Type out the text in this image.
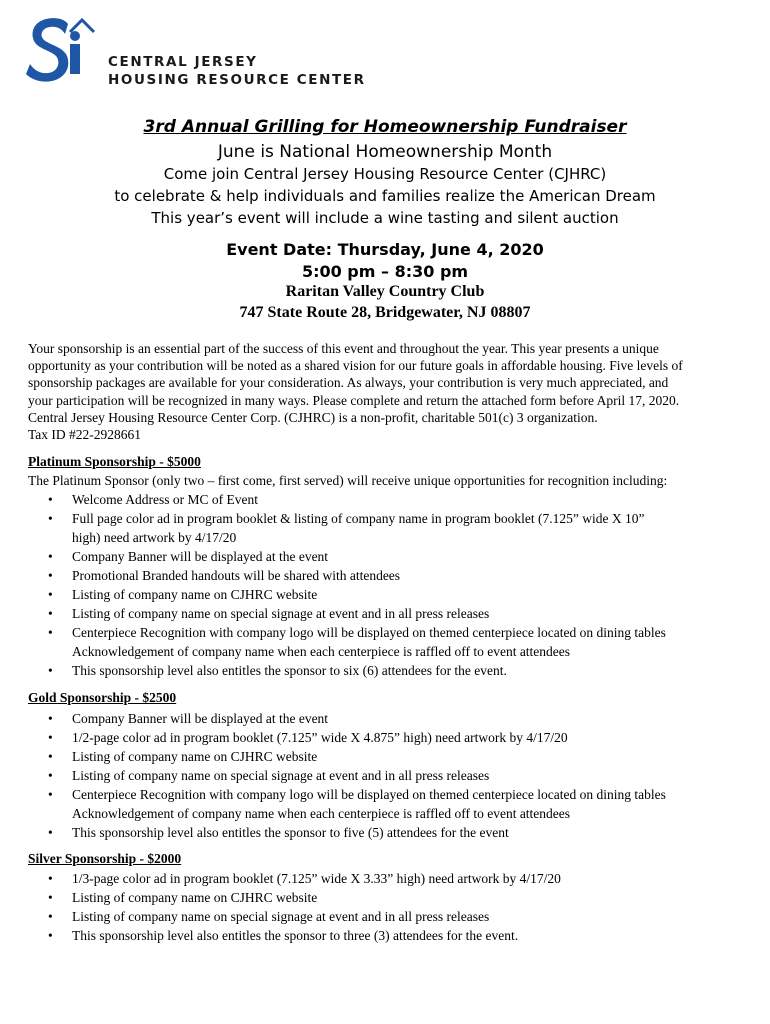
CENTRAL JERSEY
HOUSING RESOURCE CENTER
3rd Annual Grilling for Homeownership Fundraiser
June is National Homeownership Month
Come join Central Jersey Housing Resource Center (CJHRC)
to celebrate & help individuals and families realize the American Dream
This year’s event will include a wine tasting and silent auction
Event Date: Thursday, June 4, 2020
5:00 pm – 8:30 pm
Raritan Valley Country Club
747 State Route 28, Bridgewater, NJ 08807
Your sponsorship is an essential part of the success of this event and throughout the year. This year presents a unique
opportunity as your contribution will be noted as a shared vision for our future goals in affordable housing. Five levels of
sponsorship packages are available for your consideration. As always, your contribution is very much appreciated, and
your participation will be recognized in many ways. Please complete and return the attached form before April 17, 2020.
Central Jersey Housing Resource Center Corp. (CJHRC) is a non-profit, charitable 501(c) 3 organization.
Tax ID #22-2928661
Platinum Sponsorship - $5000
The Platinum Sponsor (only two – first come, first served) will receive unique opportunities for recognition including:
• Welcome Address or MC of Event
• Full page color ad in program booklet & listing of company name in program booklet (7.125” wide X 10”
high) need artwork by 4/17/20
• Company Banner will be displayed at the event
• Promotional Branded handouts will be shared with attendees
• Listing of company name on CJHRC website
• Listing of company name on special signage at event and in all press releases
• Centerpiece Recognition with company logo will be displayed on themed centerpiece located on dining tables
Acknowledgement of company name when each centerpiece is raffled off to event attendees
• This sponsorship level also entitles the sponsor to six (6) attendees for the event.
Gold Sponsorship - $2500
• Company Banner will be displayed at the event
• 1/2-page color ad in program booklet (7.125” wide X 4.875” high) need artwork by 4/17/20
• Listing of company name on CJHRC website
• Listing of company name on special signage at event and in all press releases
• Centerpiece Recognition with company logo will be displayed on themed centerpiece located on dining tables
Acknowledgement of company name when each centerpiece is raffled off to event attendees
• This sponsorship level also entitles the sponsor to five (5) attendees for the event
Silver Sponsorship - $2000
• 1/3-page color ad in program booklet (7.125” wide X 3.33” high) need artwork by 4/17/20
• Listing of company name on CJHRC website
• Listing of company name on special signage at event and in all press releases
• This sponsorship level also entitles the sponsor to three (3) attendees for the event.
